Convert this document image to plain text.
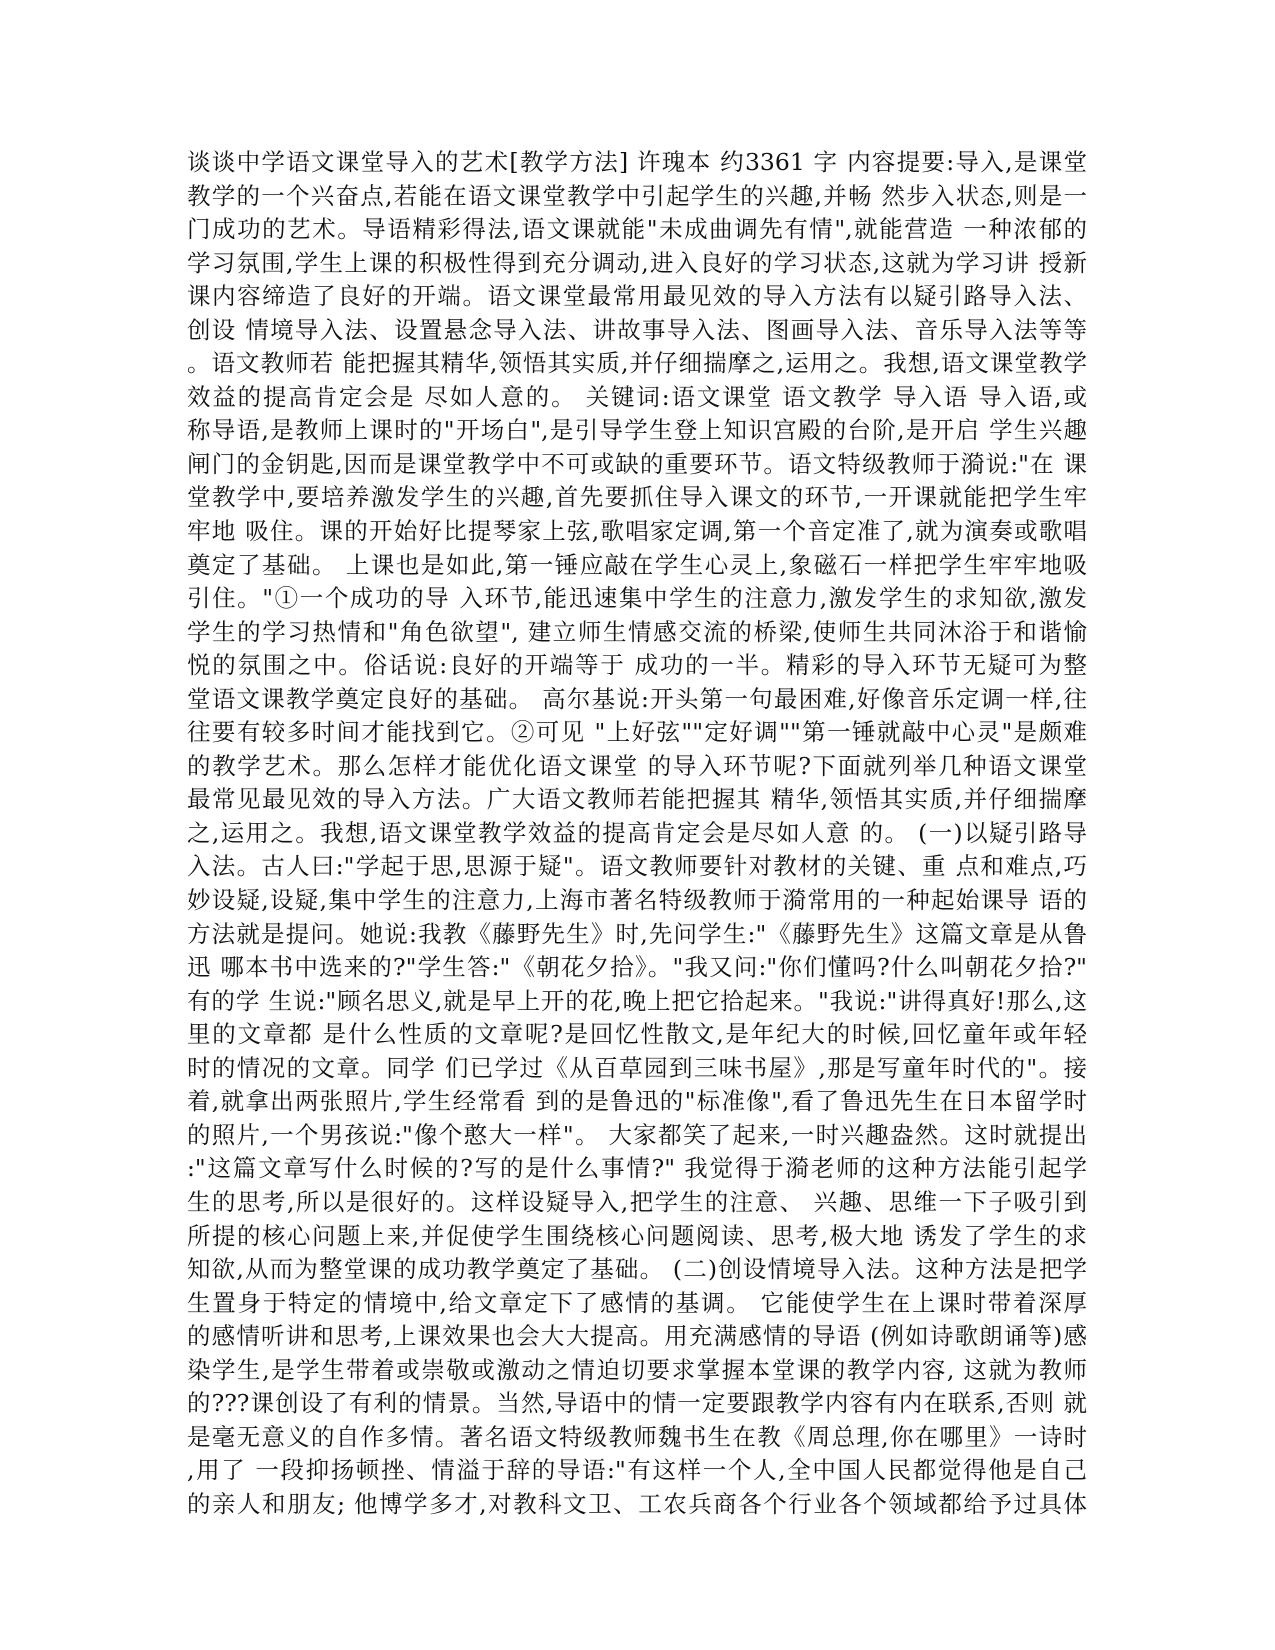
谈谈中学语文课堂导入的艺术[教学方法] 许瑰本 约3361 字 内容提要:导入,是课堂
教学的一个兴奋点,若能在语文课堂教学中引起学生的兴趣,并畅 然步入状态,则是一
门成功的艺术。导语精彩得法,语文课就能"未成曲调先有情",就能营造 一种浓郁的
学习氛围,学生上课的积极性得到充分调动,进入良好的学习状态,这就为学习讲 授新
课内容缔造了良好的开端。语文课堂最常用最见效的导入方法有以疑引路导入法、
创设 情境导入法、设置悬念导入法、讲故事导入法、图画导入法、音乐导入法等等
。语文教师若 能把握其精华,领悟其实质,并仔细揣摩之,运用之。我想,语文课堂教学
效益的提高肯定会是 尽如人意的。 关键词:语文课堂 语文教学 导入语 导入语,或
称导语,是教师上课时的"开场白",是引导学生登上知识宫殿的台阶,是开启 学生兴趣
闸门的金钥匙,因而是课堂教学中不可或缺的重要环节。语文特级教师于漪说:"在 课
堂教学中,要培养激发学生的兴趣,首先要抓住导入课文的环节,一开课就能把学生牢
牢地 吸住。课的开始好比提琴家上弦,歌唱家定调,第一个音定准了,就为演奏或歌唱
奠定了基础。 上课也是如此,第一锤应敲在学生心灵上,象磁石一样把学生牢牢地吸
引住。"①一个成功的导 入环节,能迅速集中学生的注意力,激发学生的求知欲,激发
学生的学习热情和"角色欲望", 建立师生情感交流的桥梁,使师生共同沐浴于和谐愉
悦的氛围之中。俗话说:良好的开端等于 成功的一半。精彩的导入环节无疑可为整
堂语文课教学奠定良好的基础。 高尔基说:开头第一句最困难,好像音乐定调一样,往
往要有较多时间才能找到它。②可见 "上好弦""定好调""第一锤就敲中心灵"是颇难
的教学艺术。那么怎样才能优化语文课堂 的导入环节呢?下面就列举几种语文课堂
最常见最见效的导入方法。广大语文教师若能把握其 精华,领悟其实质,并仔细揣摩
之,运用之。我想,语文课堂教学效益的提高肯定会是尽如人意 的。 (一)以疑引路导
入法。古人曰:"学起于思,思源于疑"。语文教师要针对教材的关键、重 点和难点,巧
妙设疑,设疑,集中学生的注意力,上海市著名特级教师于漪常用的一种起始课导 语的
方法就是提问。她说:我教《藤野先生》时,先问学生:"《藤野先生》这篇文章是从鲁
迅 哪本书中选来的?"学生答:"《朝花夕拾》。"我又问:"你们懂吗?什么叫朝花夕拾?"
有的学 生说:"顾名思义,就是早上开的花,晚上把它拾起来。"我说:"讲得真好!那么,这
里的文章都 是什么性质的文章呢?是回忆性散文,是年纪大的时候,回忆童年或年轻
时的情况的文章。同学 们已学过《从百草园到三味书屋》,那是写童年时代的"。接
着,就拿出两张照片,学生经常看 到的是鲁迅的"标准像",看了鲁迅先生在日本留学时
的照片,一个男孩说:"像个憨大一样"。 大家都笑了起来,一时兴趣盎然。这时就提出
:"这篇文章写什么时候的?写的是什么事情?" 我觉得于漪老师的这种方法能引起学
生的思考,所以是很好的。这样设疑导入,把学生的注意、 兴趣、思维一下子吸引到
所提的核心问题上来,并促使学生围绕核心问题阅读、思考,极大地 诱发了学生的求
知欲,从而为整堂课的成功教学奠定了基础。 (二)创设情境导入法。这种方法是把学
生置身于特定的情境中,给文章定下了感情的基调。 它能使学生在上课时带着深厚
的感情听讲和思考,上课效果也会大大提高。用充满感情的导语 (例如诗歌朗诵等)感
染学生,是学生带着或崇敬或激动之情迫切要求掌握本堂课的教学内容, 这就为教师
的???课创设了有利的情景。当然,导语中的情一定要跟教学内容有内在联系,否则 就
是毫无意义的自作多情。著名语文特级教师魏书生在教《周总理,你在哪里》一诗时
,用了 一段抑扬顿挫、情溢于辞的导语:"有这样一个人,全中国人民都觉得他是自己
的亲人和朋友; 他博学多才,对教科文卫、工农兵商各个行业各个领域都给予过具体
